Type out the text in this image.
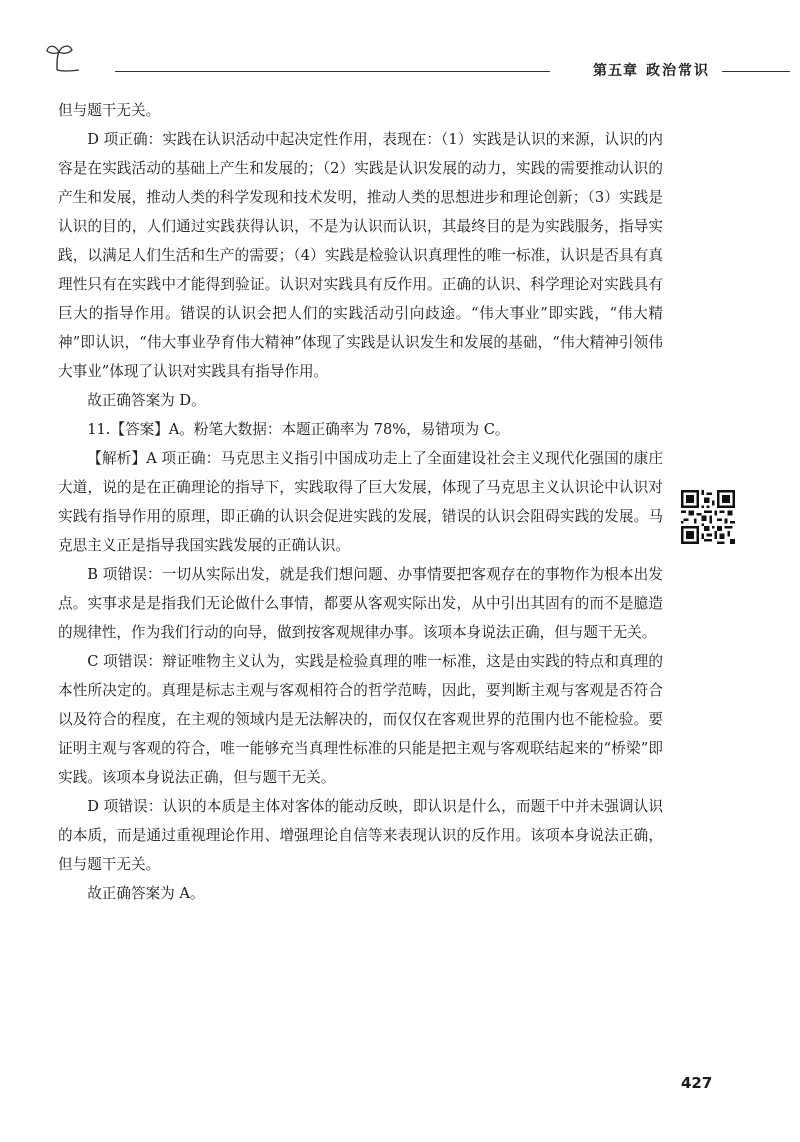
第五章 政治常识

但与题干无关。

D 项正确：实践在认识活动中起决定性作用，表现在：（1）实践是认识的来源，认识的内容是在实践活动的基础上产生和发展的；（2）实践是认识发展的动力，实践的需要推动认识的产生和发展，推动人类的科学发现和技术发明，推动人类的思想进步和理论创新；（3）实践是认识的目的，人们通过实践获得认识，不是为认识而认识，其最终目的是为实践服务，指导实践，以满足人们生活和生产的需要；（4）实践是检验认识真理性的唯一标准，认识是否具有真理性只有在实践中才能得到验证。认识对实践具有反作用。正确的认识、科学理论对实践具有巨大的指导作用。错误的认识会把人们的实践活动引向歧途。“伟大事业”即实践，“伟大精神”即认识，“伟大事业孕育伟大精神”体现了实践是认识发生和发展的基础，“伟大精神引领伟大事业”体现了认识对实践具有指导作用。

故正确答案为 D。

11.【答案】A。粉笔大数据：本题正确率为 78%，易错项为 C。

【解析】A 项正确：马克思主义指引中国成功走上了全面建设社会主义现代化强国的康庄大道，说的是在正确理论的指导下，实践取得了巨大发展，体现了马克思主义认识论中认识对实践有指导作用的原理，即正确的认识会促进实践的发展，错误的认识会阻碍实践的发展。马克思主义正是指导我国实践发展的正确认识。

B 项错误：一切从实际出发，就是我们想问题、办事情要把客观存在的事物作为根本出发点。实事求是是指我们无论做什么事情，都要从客观实际出发，从中引出其固有的而不是臆造的规律性，作为我们行动的向导，做到按客观规律办事。该项本身说法正确，但与题干无关。

C 项错误：辩证唯物主义认为，实践是检验真理的唯一标准，这是由实践的特点和真理的本性所决定的。真理是标志主观与客观相符合的哲学范畴，因此，要判断主观与客观是否符合以及符合的程度，在主观的领域内是无法解决的，而仅仅在客观世界的范围内也不能检验。要证明主观与客观的符合，唯一能够充当真理性标准的只能是把主观与客观联结起来的“桥梁”即实践。该项本身说法正确，但与题干无关。

D 项错误：认识的本质是主体对客体的能动反映，即认识是什么，而题干中并未强调认识的本质，而是通过重视理论作用、增强理论自信等来表现认识的反作用。该项本身说法正确，但与题干无关。

故正确答案为 A。

427
